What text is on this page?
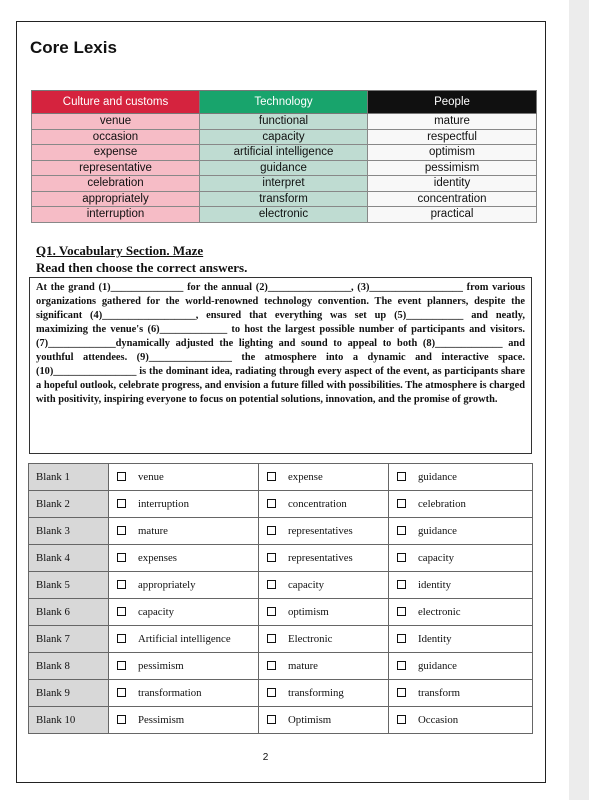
Core Lexis
Culture and customs	Technology	People
venue	functional	mature
occasion	capacity	respectful
expense	artificial intelligence	optimism
representative	guidance	pessimism
celebration	interpret	identity
appropriately	transform	concentration
interruption	electronic	practical
Q1. Vocabulary Section. Maze
Read then choose the correct answers.
At the grand (1)______________ for the annual (2)________________, (3)__________________ from various organizations gathered for the world-renowned technology convention. The event planners, despite the significant (4)__________________, ensured that everything was set up (5)___________ and neatly, maximizing the venue's (6)_____________ to host the largest possible number of participants and visitors. (7)_____________dynamically adjusted the lighting and sound to appeal to both (8)_____________ and youthful attendees. (9)________________ the atmosphere into a dynamic and interactive space. (10)________________ is the dominant idea, radiating through every aspect of the event, as participants share a hopeful outlook, celebrate progress, and envision a future filled with possibilities. The atmosphere is charged with positivity, inspiring everyone to focus on potential solutions, innovation, and the promise of growth.
Blank 1	venue	expense	guidance
Blank 2	interruption	concentration	celebration
Blank 3	mature	representatives	guidance
Blank 4	expenses	representatives	capacity
Blank 5	appropriately	capacity	identity
Blank 6	capacity	optimism	electronic
Blank 7	Artificial intelligence	Electronic	Identity
Blank 8	pessimism	mature	guidance
Blank 9	transformation	transforming	transform
Blank 10	Pessimism	Optimism	Occasion
2
